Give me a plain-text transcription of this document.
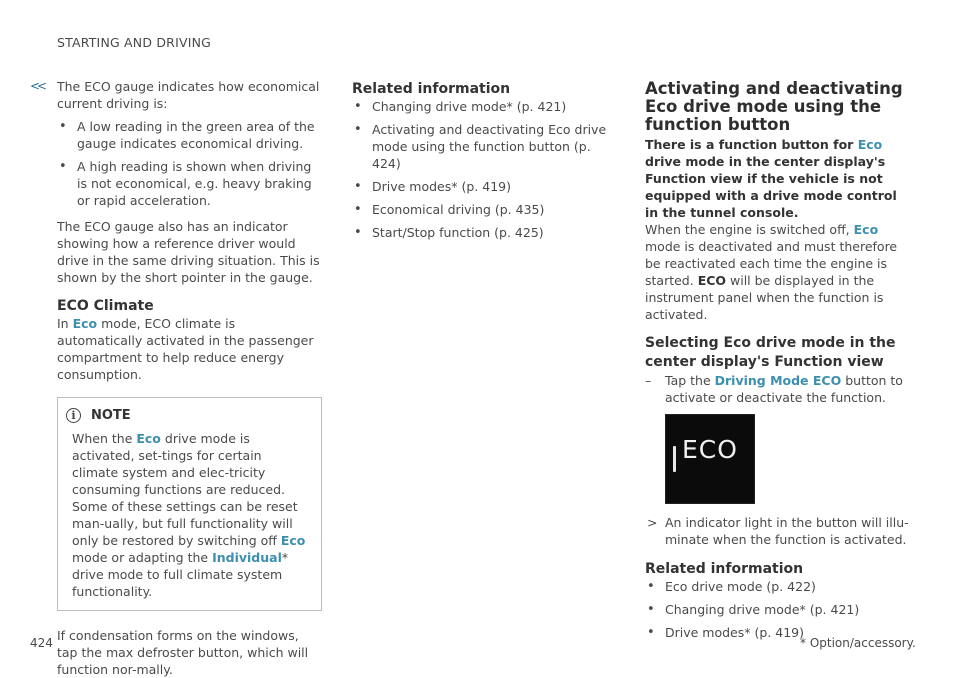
STARTING AND DRIVING
<< The ECO gauge indicates how economical current driving is:

• A low reading in the green area of the gauge indicates economical driving.
• A high reading is shown when driving is not economical, e.g. heavy braking or rapid acceleration.

The ECO gauge also has an indicator showing how a reference driver would drive in the same driving situation. This is shown by the short pointer in the gauge.

ECO Climate

In Eco mode, ECO climate is automatically activated in the passenger compartment to help reduce energy consumption.

i	NOTE

When the Eco drive mode is activated, set-tings for certain climate system and elec-tricity consuming functions are reduced. Some of these settings can be reset man-ually, but full functionality will only be restored by switching off Eco mode or adapting the Individual* drive mode to full climate system functionality.

If condensation forms on the windows, tap the max defroster button, which will function nor-mally.

Related information
• Changing drive mode* (p. 421)
• Activating and deactivating Eco drive mode using the function button (p. 424)
• Drive modes* (p. 419)
• Economical driving (p. 435)
• Start/Stop function (p. 425)
Activating and deactivating Eco drive mode using the function button

There is a function button for Eco drive mode in the center display's Function view if the vehicle is not equipped with a drive mode control in the tunnel console.

When the engine is switched off, Eco mode is deactivated and must therefore be reactivated each time the engine is started. ECO will be displayed in the instrument panel when the function is activated.

Selecting Eco drive mode in the center display's Function view
– Tap the Driving Mode ECO button to activate or deactivate the function.
ECO
> An indicator light in the button will illu-minate when the function is activated.
Related information
• Eco drive mode (p. 422)
• Changing drive mode* (p. 421)
• Drive modes* (p. 419)
424	* Option/accessory.
